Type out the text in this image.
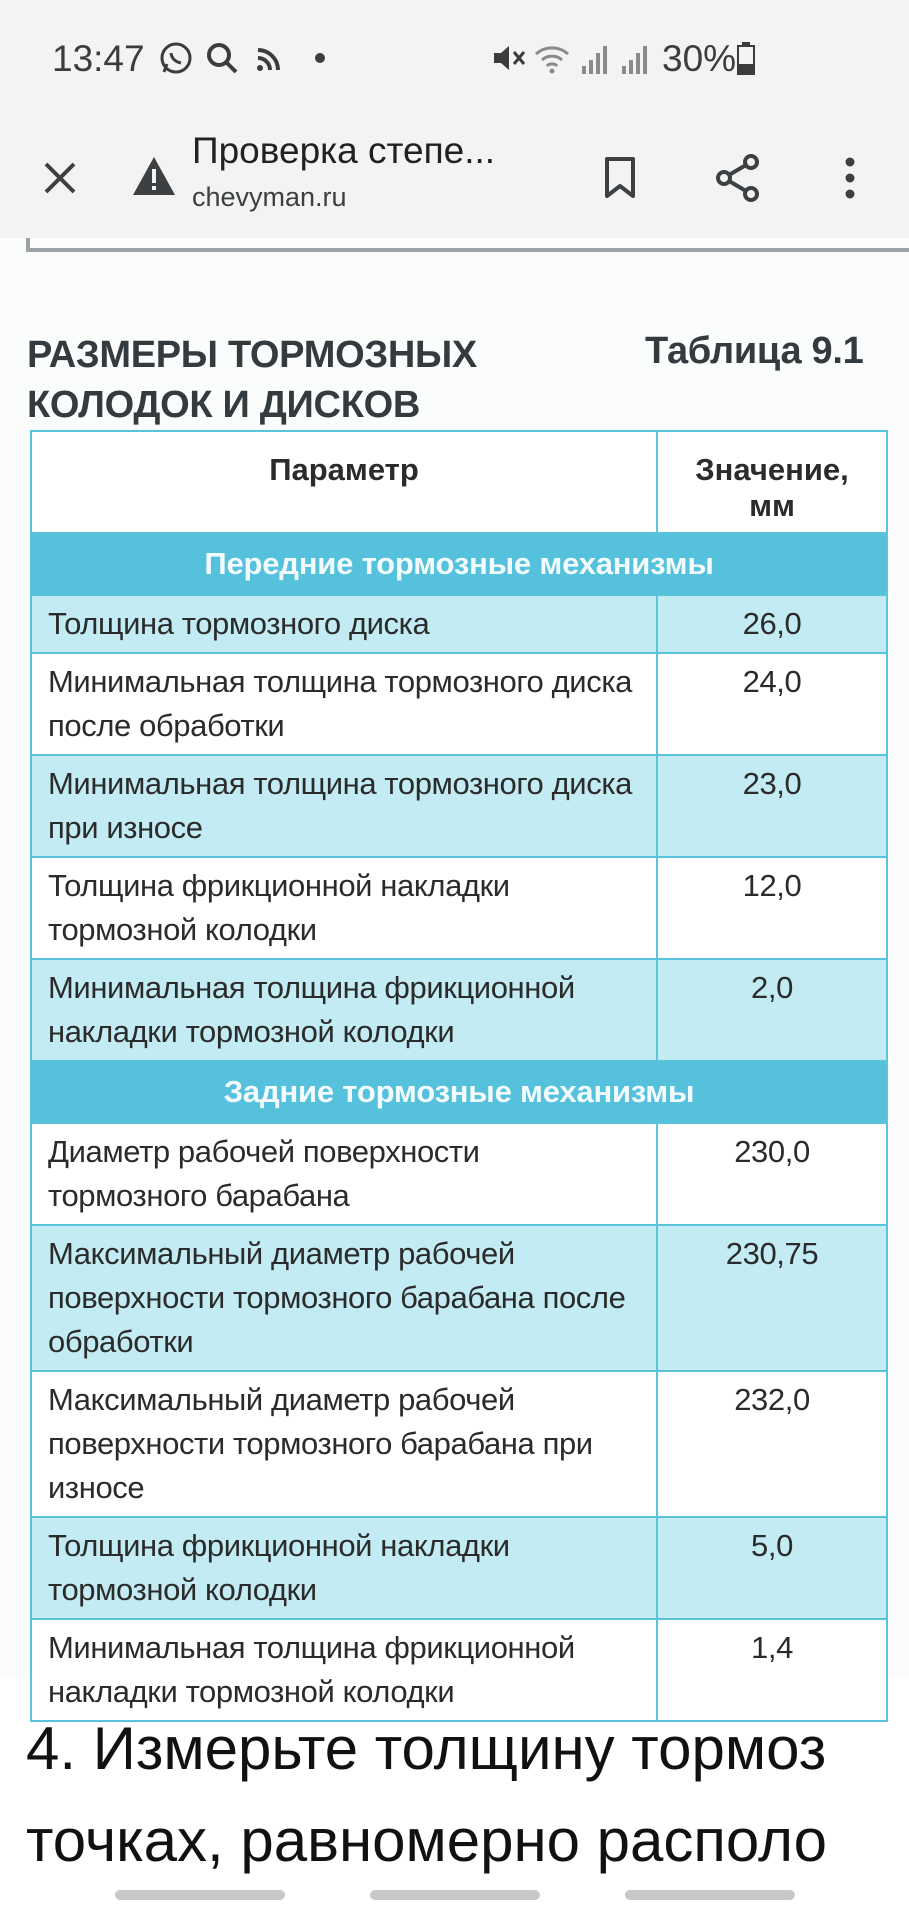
13:47	30%
Проверка степе...
chevyman.ru
РАЗМЕРЫ ТОРМОЗНЫХ
КОЛОДОК И ДИСКОВ
Таблица 9.1
Параметр	Значение,
мм

Передние тормозные механизмы	
Толщина тормозного диска	26,0
Минимальная толщина тормозного диска после обработки	24,0
Минимальная толщина тормозного диска при износе	23,0
Толщина фрикционной накладки тормозной колодки	12,0
Минимальная толщина фрикционной накладки тормозной колодки	2,0
Задние тормозные механизмы	
Диаметр рабочей поверхности тормозного барабана	230,0
Максимальный диаметр рабочей поверхности тормозного барабана после обработки	230,75
Максимальный диаметр рабочей поверхности тормозного барабана при износе	232,0
Толщина фрикционной накладки тормозной колодки	5,0
Минимальная толщина фрикционной накладки тормозной колодки	1,4
4. Измерьте толщину тормоз
точках, равномерно располо
